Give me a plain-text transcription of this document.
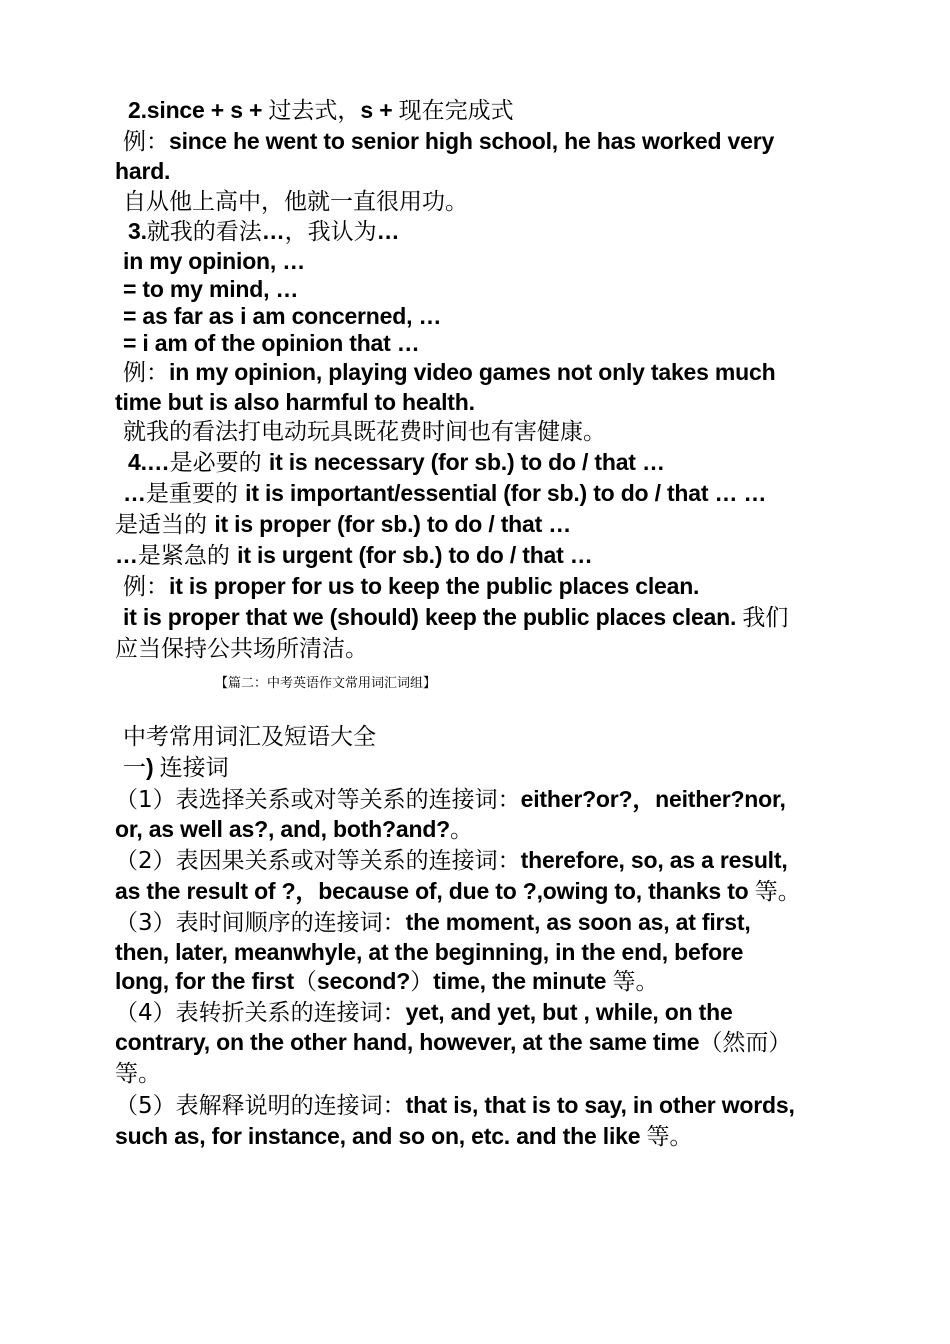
2.since + s + 过去式，s + 现在完成式
例：since he went to senior high school, he has worked very
hard.
自从他上高中，他就一直很用功。
3.就我的看法…，我认为…
in my opinion, …
= to my mind, …
= as far as i am concerned, …
= i am of the opinion that …
例：in my opinion, playing video games not only takes much
time but is also harmful to health.
就我的看法打电动玩具既花费时间也有害健康。
4.…是必要的 it is necessary (for sb.) to do / that …
…是重要的 it is important/essential (for sb.) to do / that … …
是适当的 it is proper (for sb.) to do / that …
…是紧急的 it is urgent (for sb.) to do / that …
例：it is proper for us to keep the public places clean.
it is proper that we (should) keep the public places clean. 我们
应当保持公共场所清洁。
中考常用词汇及短语大全
一) 连接词
（1）表选择关系或对等关系的连接词：either?or?，neither?nor,
or, as well as?, and, both?and?。
（2）表因果关系或对等关系的连接词：therefore, so, as a result,
as the result of ?，because of, due to ?,owing to, thanks to 等。
（3）表时间顺序的连接词：the moment, as soon as, at first,
then, later, meanwhyle, at the beginning, in the end, before
long, for the first（second?）time, the minute 等。
（4）表转折关系的连接词：yet, and yet, but , while, on the
contrary, on the other hand, however, at the same time（然而）
等。
（5）表解释说明的连接词：that is, that is to say, in other words,
such as, for instance, and so on, etc. and the like 等。
【篇二：中考英语作文常用词汇词组】
